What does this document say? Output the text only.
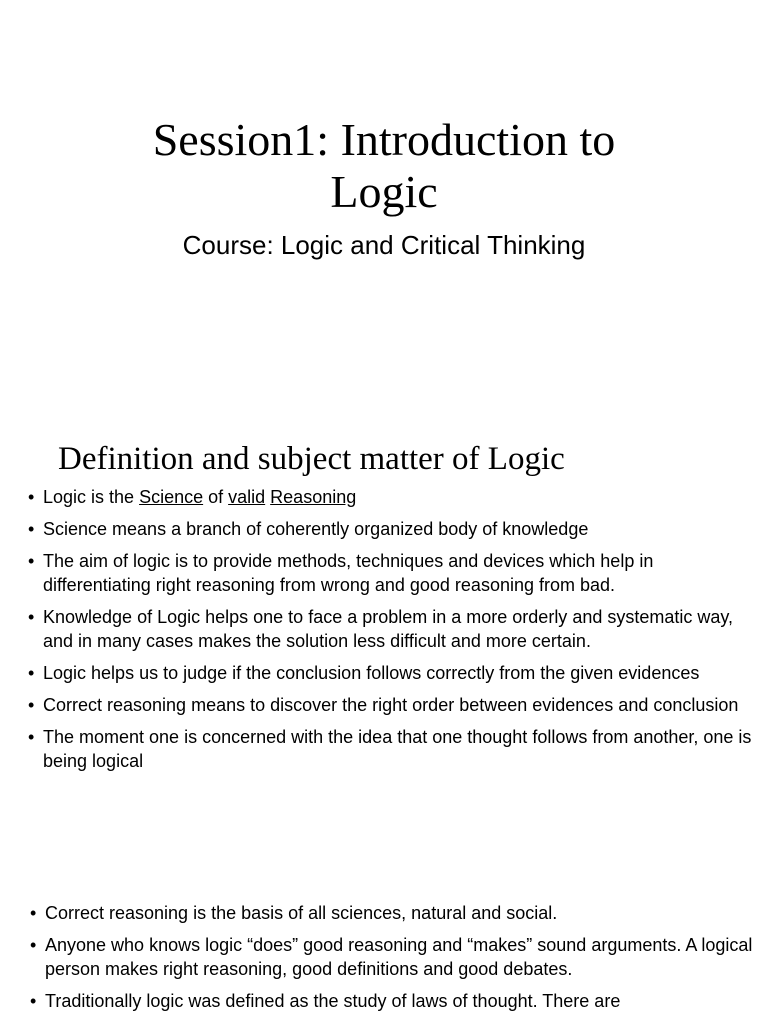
Session1: Introduction to
Logic

Course: Logic and Critical Thinking

Definition and subject matter of Logic
• Logic is the Science of valid Reasoning
• Science means a branch of coherently organized body of knowledge
• The aim of logic is to provide methods, techniques and devices which help in differentiating right reasoning from wrong and good reasoning from bad.
• Knowledge of Logic helps one to face a problem in a more orderly and systematic way, and in many cases makes the solution less difficult and more certain.
• Logic helps us to judge if the conclusion follows correctly from the given evidences
• Correct reasoning means to discover the right order between evidences and conclusion
• The moment one is concerned with the idea that one thought follows from another, one is being logical
• Correct reasoning is the basis of all sciences, natural and social.
• Anyone who knows logic “does” good reasoning and “makes” sound arguments. A logical person makes right reasoning, good definitions and good debates.
• Traditionally logic was defined as the study of laws of thought. There are
